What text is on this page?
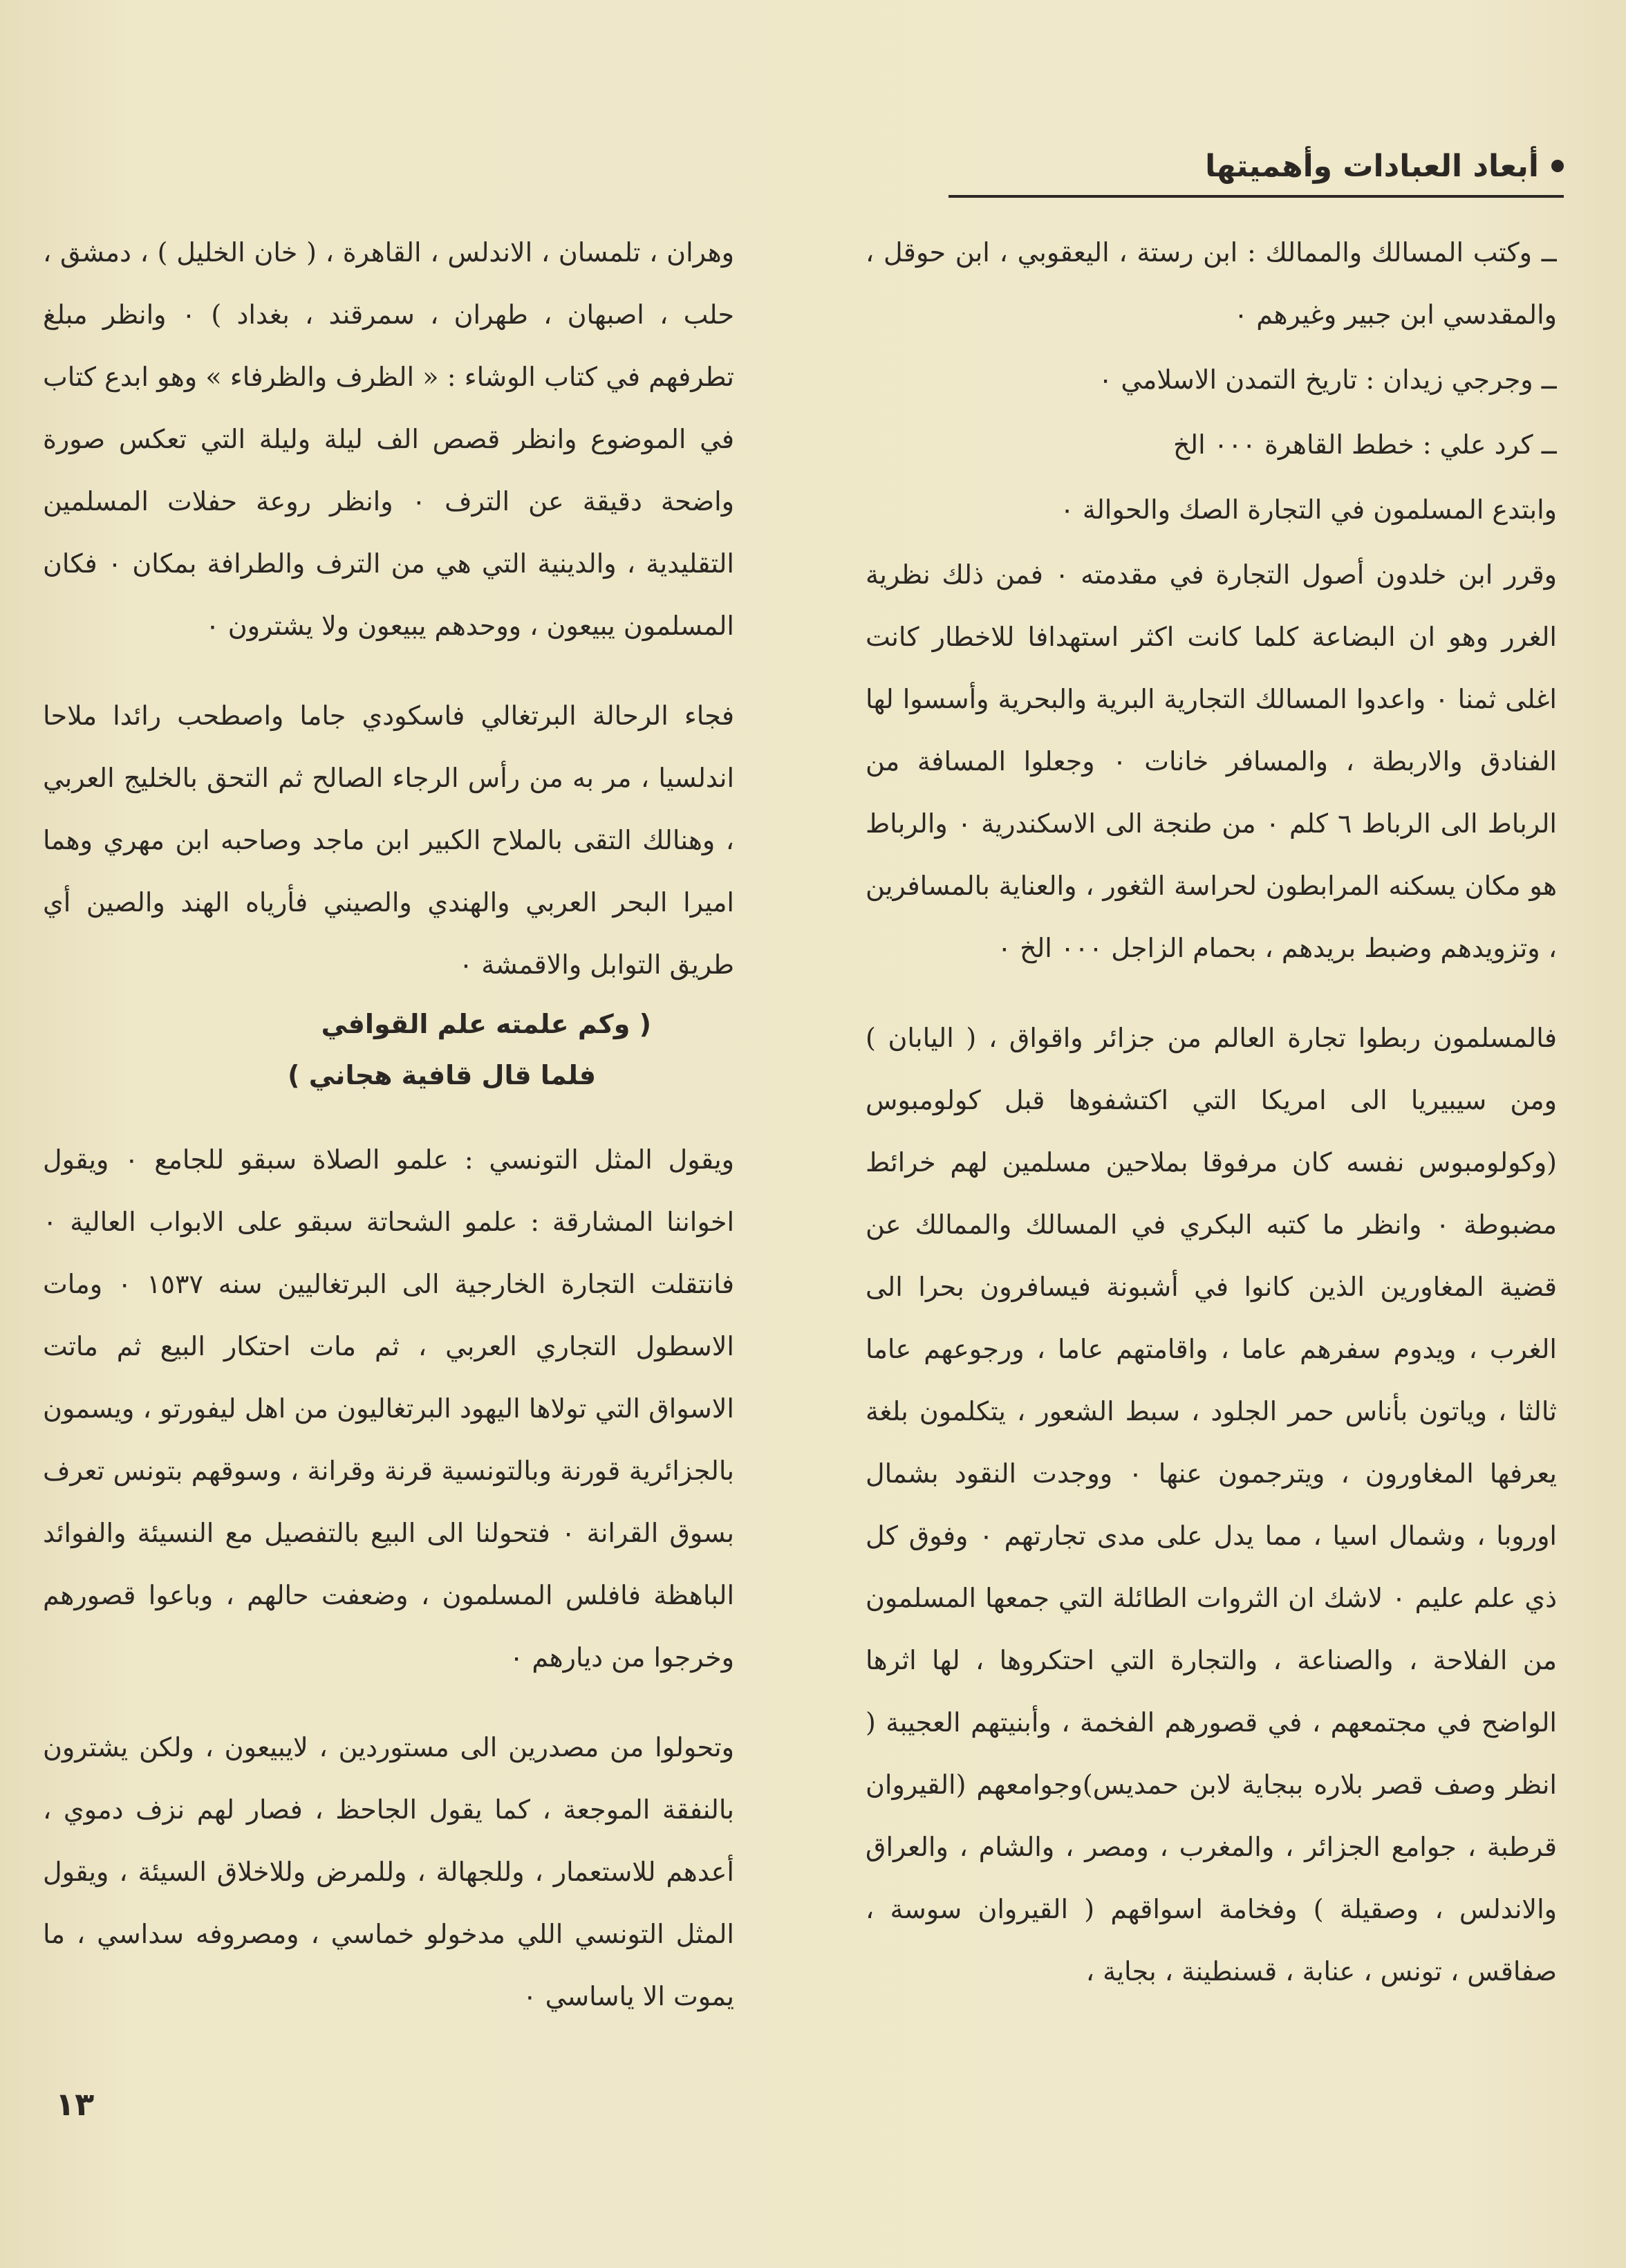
أبعاد العبادات وأهميتها

ــ وكتب المسالك والممالك : ابن رستة ، اليعقوبي ، ابن حوقل ، والمقدسي ابن جبير وغيرهم ٠

ــ وجرجي زيدان : تاريخ التمدن الاسلامي ٠

ــ كرد علي : خطط القاهرة ٠٠٠ الخ

وابتدع المسلمون في التجارة الصك والحوالة ٠

وقرر ابن خلدون أصول التجارة في مقدمته ٠ فمن ذلك نظرية الغرر وهو ان البضاعة كلما كانت اكثر استهدافا للاخطار كانت اغلى ثمنا ٠ واعدوا المسالك التجارية البرية والبحرية وأسسوا لها الفنادق والاربطة ، والمسافر خانات ٠ وجعلوا المسافة من الرباط الى الرباط ٦ كلم ٠ من طنجة الى الاسكندرية ٠ والرباط هو مكان يسكنه المرابطون لحراسة الثغور ، والعناية بالمسافرين ، وتزويدهم وضبط بريدهم ، بحمام الزاجل ٠٠٠ الخ ٠

فالمسلمون ربطوا تجارة العالم من جزائر واقواق ، ( اليابان ) ومن سيبيريا الى امريكا التي اكتشفوها قبل كولومبوس (وكولومبوس نفسه كان مرفوقا بملاحين مسلمين لهم خرائط مضبوطة ٠ وانظر ما كتبه البكري في المسالك والممالك عن قضية المغاورين الذين كانوا في أشبونة فيسافرون بحرا الى الغرب ، ويدوم سفرهم عاما ، واقامتهم عاما ، ورجوعهم عاما ثالثا ، وياتون بأناس حمر الجلود ، سبط الشعور ، يتكلمون بلغة يعرفها المغاورون ، ويترجمون عنها ٠ ووجدت النقود بشمال اوروبا ، وشمال اسيا ، مما يدل على مدى تجارتهم ٠ وفوق كل ذي علم عليم ٠ لاشك ان الثروات الطائلة التي جمعها المسلمون من الفلاحة ، والصناعة ، والتجارة التي احتكروها ، لها اثرها الواضح في مجتمعهم ، في قصورهم الفخمة ، وأبنيتهم العجيبة ( انظر وصف قصر بلاره ببجاية لابن حمديس)وجوامعهم (القيروان قرطبة ، جوامع الجزائر ، والمغرب ، ومصر ، والشام ، والعراق والاندلس ، وصقيلة ) وفخامة اسواقهم ( القيروان سوسة ، صفاقس ، تونس ، عنابة ، قسنطينة ، بجاية ،

وهران ، تلمسان ، الاندلس ، القاهرة ، ( خان الخليل ) ، دمشق ، حلب ، اصبهان ، طهران ، سمرقند ، بغداد ) ٠ وانظر مبلغ تطرفهم في كتاب الوشاء : « الظرف والظرفاء » وهو ابدع كتاب في الموضوع وانظر قصص الف ليلة وليلة التي تعكس صورة واضحة دقيقة عن الترف ٠ وانظر روعة حفلات المسلمين التقليدية ، والدينية التي هي من الترف والطرافة بمكان ٠ فكان المسلمون يبيعون ، ووحدهم يبيعون ولا يشترون ٠

فجاء الرحالة البرتغالي فاسكودي جاما واصطحب رائدا ملاحا اندلسيا ، مر به من رأس الرجاء الصالح ثم التحق بالخليج العربي ، وهنالك التقى بالملاح الكبير ابن ماجد وصاحبه ابن مهري وهما اميرا البحر العربي والهندي والصيني فأرياه الهند والصين أي طريق التوابل والاقمشة ٠

( وكم علمته علم القوافي

فلما قال قافية هجاني )

ويقول المثل التونسي : علمو الصلاة سبقو للجامع ٠ ويقول اخواننا المشارقة : علمو الشحاتة سبقو على الابواب العالية ٠ فانتقلت التجارة الخارجية الى البرتغاليين سنه ١٥٣٧ ٠ ومات الاسطول التجاري العربي ، ثم مات احتكار البيع ثم ماتت الاسواق التي تولاها اليهود البرتغاليون من اهل ليفورتو ، ويسمون بالجزائرية قورنة وبالتونسية قرنة وقرانة ، وسوقهم بتونس تعرف بسوق القرانة ٠ فتحولنا الى البيع بالتفصيل مع النسيئة والفوائد الباهظة فافلس المسلمون ، وضعفت حالهم ، وباعوا قصورهم وخرجوا من ديارهم ٠

وتحولوا من مصدرين الى مستوردين ، لايبيعون ، ولكن يشترون بالنفقة الموجعة ، كما يقول الجاحظ ، فصار لهم نزف دموي ، أعدهم للاستعمار ، وللجهالة ، وللمرض وللاخلاق السيئة ، ويقول المثل التونسي اللي مدخولو خماسي ، ومصروفه سداسي ، ما يموت الا ياساسي ٠

١٣
